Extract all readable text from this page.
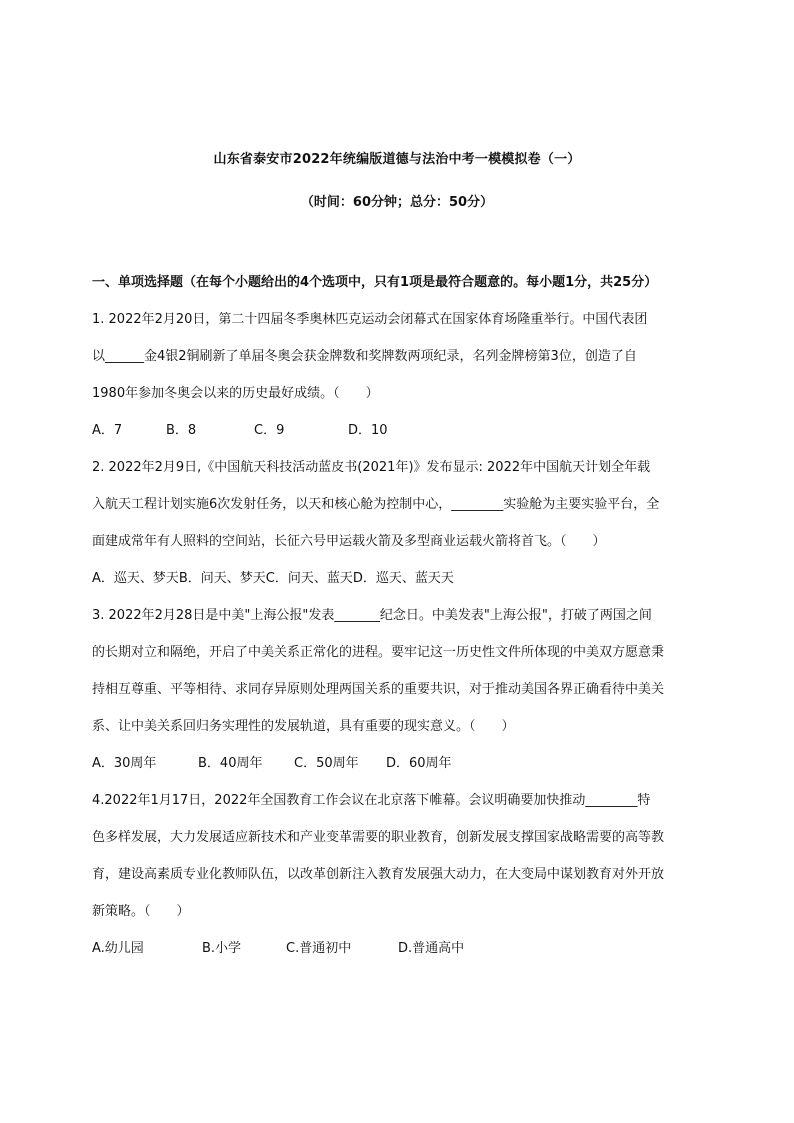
山东省泰安市2022年统编版道德与法治中考一模模拟卷（一）
（时间：60分钟；总分：50分）
一、单项选择题（在每个小题给出的4个选项中，只有1项是最符合题意的。每小题1分，共25分）
1. 2022年2月20日，第二十四届冬季奥林匹克运动会闭幕式在国家体育场隆重举行。中国代表团
以______金4银2铜刷新了单届冬奥会获金牌数和奖牌数两项纪录，名列金牌榜第3位，创造了自
1980年参加冬奥会以来的历史最好成绩。（　　）
A．7	B．8	C．9	D．10
2. 2022年2月9日,《中国航天科技活动蓝皮书(2021年)》发布显示: 2022年中国航天计划全年载
入航天工程计划实施6次发射任务，以天和核心舱为控制中心，________实验舱为主要实验平台，全
面建成常年有人照料的空间站，长征六号甲运载火箭及多型商业运载火箭将首飞。（　　）
A．巡天、梦天B．问天、梦天C．问天、蓝天D．巡天、蓝天天
3. 2022年2月28日是中美"上海公报"发表_______纪念日。中美发表"上海公报"，打破了两国之间
的长期对立和隔绝，开启了中美关系正常化的进程。要牢记这一历史性文件所体现的中美双方愿意秉
持相互尊重、平等相待、求同存异原则处理两国关系的重要共识，对于推动美国各界正确看待中美关
系、让中美关系回归务实理性的发展轨道，具有重要的现实意义。（　　）
A．30周年	B．40周年	C．50周年	D．60周年
4.2022年1月17日，2022年全国教育工作会议在北京落下帷幕。会议明确要加快推动________特
色多样发展，大力发展适应新技术和产业变革需要的职业教育，创新发展支撑国家战略需要的高等教
育，建设高素质专业化教师队伍，以改革创新注入教育发展强大动力，在大变局中谋划教育对外开放
新策略。（　　）
A.幼儿园	B.小学	C.普通初中	D.普通高中
